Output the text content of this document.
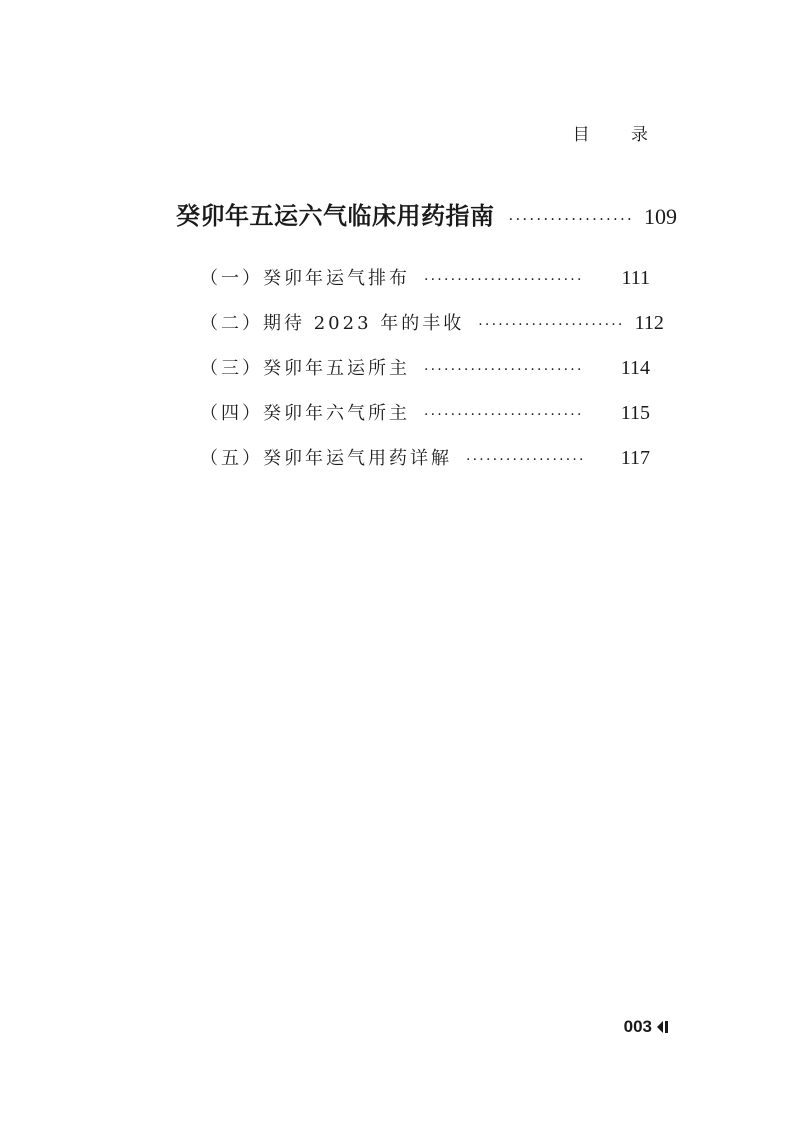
目 录
癸卯年五运六气临床用药指南 ·················· 109
（一）癸卯年运气排布 ························	111
（二）期待 2023 年的丰收 ······················ 112
（三）癸卯年五运所主 ························	114
（四）癸卯年六气所主 ························	115
（五）癸卯年运气用药详解 ··················	117
003
